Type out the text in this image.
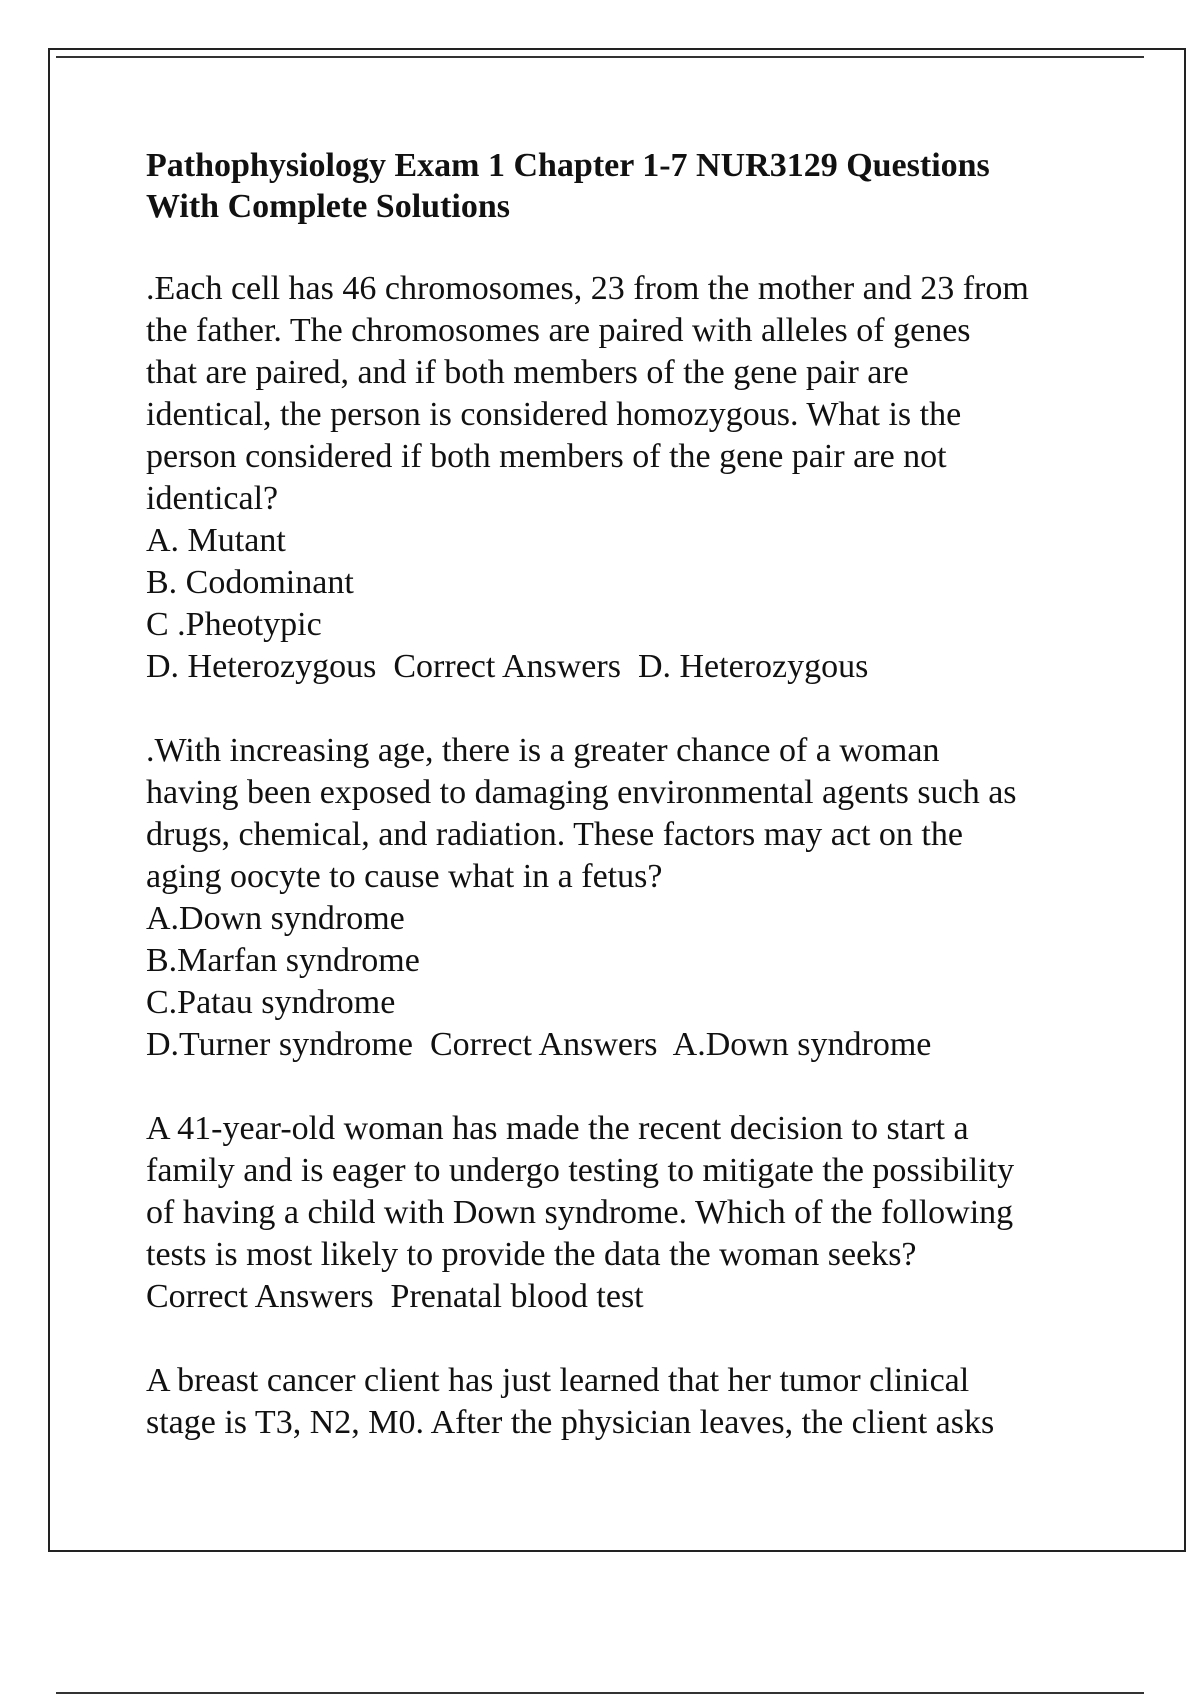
Pathophysiology Exam 1 Chapter 1-7 NUR3129 Questions
With Complete Solutions
.Each cell has 46 chromosomes, 23 from the mother and 23 from
the father. The chromosomes are paired with alleles of genes
that are paired, and if both members of the gene pair are
identical, the person is considered homozygous. What is the
person considered if both members of the gene pair are not
identical?
A. Mutant
B. Codominant
C .Pheotypic
D. Heterozygous  Correct Answers  D. Heterozygous
.With increasing age, there is a greater chance of a woman
having been exposed to damaging environmental agents such as
drugs, chemical, and radiation. These factors may act on the
aging oocyte to cause what in a fetus?
A.Down syndrome
B.Marfan syndrome
C.Patau syndrome
D.Turner syndrome  Correct Answers  A.Down syndrome
A 41-year-old woman has made the recent decision to start a
family and is eager to undergo testing to mitigate the possibility
of having a child with Down syndrome. Which of the following
tests is most likely to provide the data the woman seeks?
Correct Answers  Prenatal blood test
A breast cancer client has just learned that her tumor clinical
stage is T3, N2, M0. After the physician leaves, the client asks
